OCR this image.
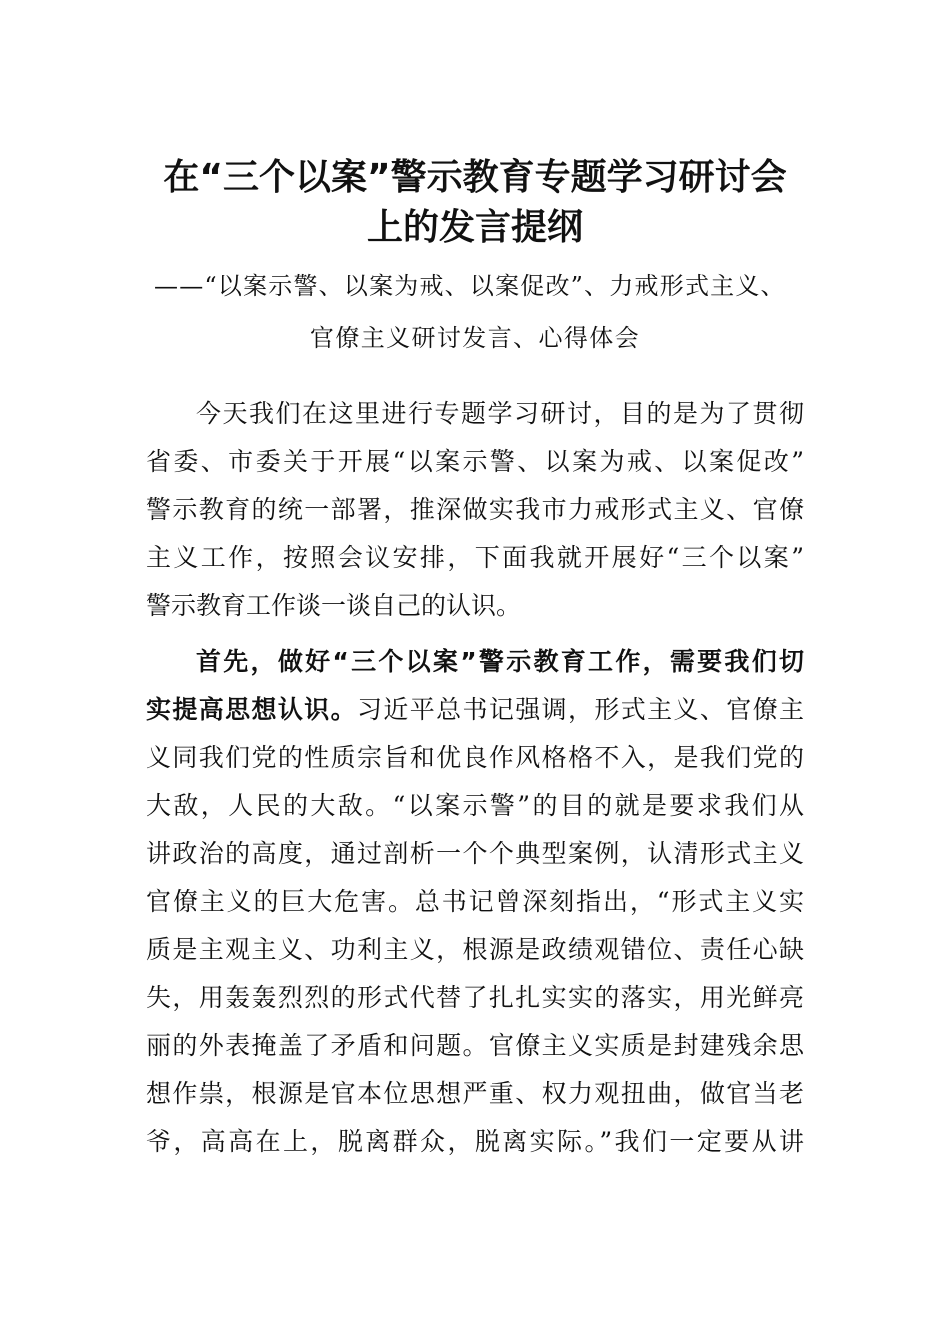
在“三个以案”警示教育专题学习研讨会
上的发言提纲
——“以案示警、以案为戒、以案促改”、力戒形式主义、
官僚主义研讨发言、心得体会
今天我们在这里进行专题学习研讨，目的是为了贯彻
省委、市委关于开展“以案示警、以案为戒、以案促改”
警示教育的统一部署，推深做实我市力戒形式主义、官僚
主义工作，按照会议安排，下面我就开展好“三个以案”
警示教育工作谈一谈自己的认识。
首先，做好“三个以案”警示教育工作，需要我们切
实提高思想认识。习近平总书记强调，形式主义、官僚主
义同我们党的性质宗旨和优良作风格格不入，是我们党的
大敌，人民的大敌。“以案示警”的目的就是要求我们从
讲政治的高度，通过剖析一个个典型案例，认清形式主义
官僚主义的巨大危害。总书记曾深刻指出，“形式主义实
质是主观主义、功利主义，根源是政绩观错位、责任心缺
失，用轰轰烈烈的形式代替了扎扎实实的落实，用光鲜亮
丽的外表掩盖了矛盾和问题。官僚主义实质是封建残余思
想作祟，根源是官本位思想严重、权力观扭曲，做官当老
爷，高高在上，脱离群众，脱离实际。”我们一定要从讲
